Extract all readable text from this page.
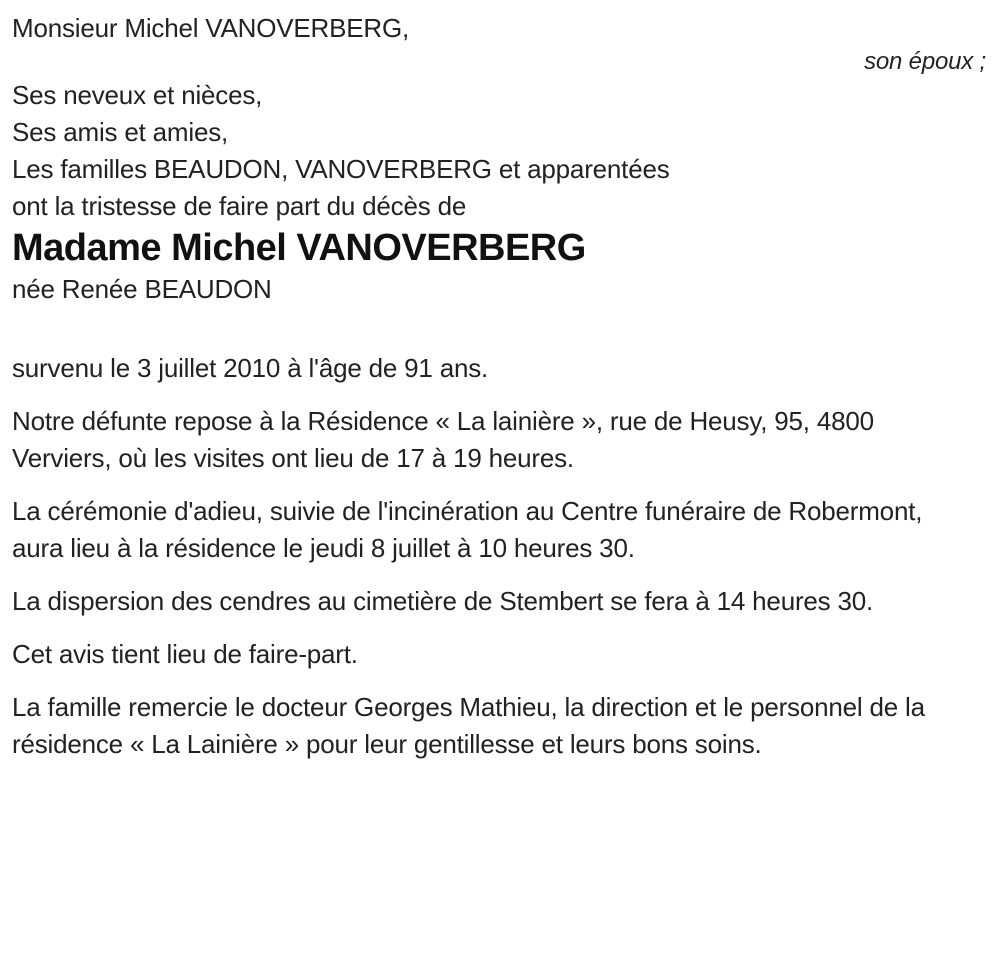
Monsieur Michel VANOVERBERG,

son époux ;

Ses neveux et nièces,

Ses amis et amies,

Les familles BEAUDON, VANOVERBERG et apparentées

ont la tristesse de faire part du décès de

Madame Michel VANOVERBERG

née Renée BEAUDON

survenu le 3 juillet 2010 à l'âge de 91 ans.

Notre défunte repose à la Résidence « La lainière », rue de Heusy, 95, 4800 Verviers, où les visites ont lieu de 17 à 19 heures.

La cérémonie d'adieu, suivie de l'incinération au Centre funéraire de Robermont, aura lieu à la résidence le jeudi 8 juillet à 10 heures 30.

La dispersion des cendres au cimetière de Stembert se fera à 14 heures 30.

Cet avis tient lieu de faire-part.

La famille remercie le docteur Georges Mathieu, la direction et le personnel de la résidence « La Lainière » pour leur gentillesse et leurs bons soins.
